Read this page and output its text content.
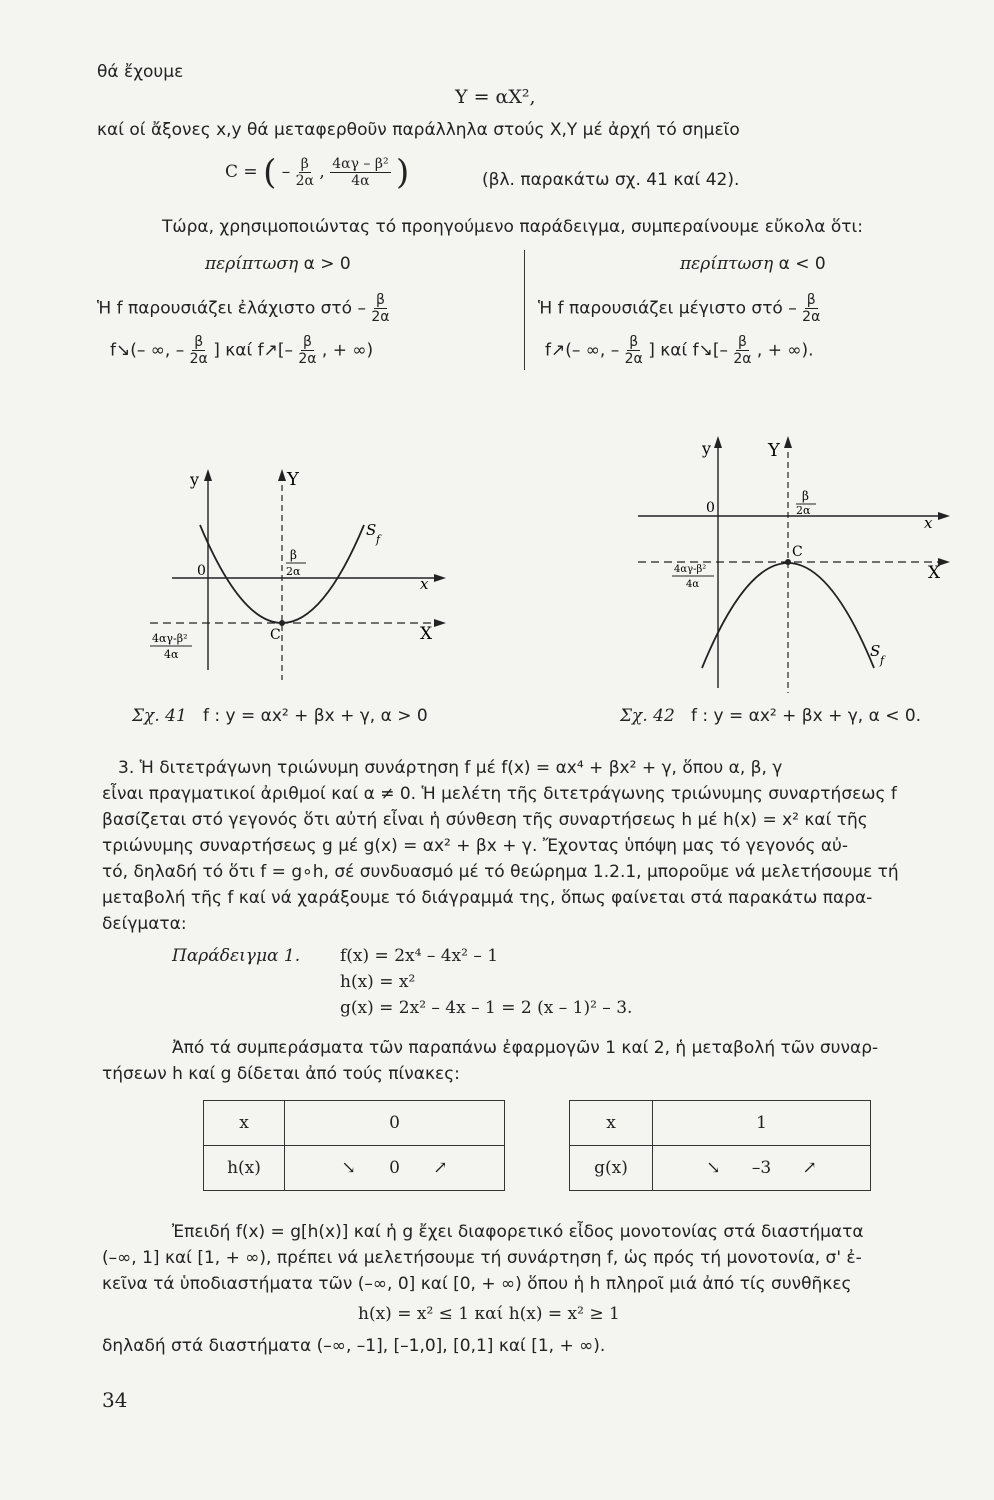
θά ἔχουμε
Y = αX²,
καί οί ἄξονες x,y θά μεταφερθοῦν παράλληλα στούς X,Y μέ ἀρχή τό σημεῖο
C = ( – $\frac{\beta}{2\alpha}$ , $\frac{\text{4αγ – β²}}{4\alpha}$ )	(βλ. παρακάτω σχ. 41 καί 42).
Τώρα, χρησιμοποιώντας τό προηγούμενο παράδειγμα, συμπεραίνουμε εὔκολα ὅτι:
περίπτωση α > 0
Ἡ f παρουσιάζει ἐλάχιστο στό – $\frac{\beta}{2\alpha}$
f↘(– ∞, – $\frac{\beta}{2\alpha}$ ] καί f↗[– $\frac{\beta}{2\alpha}$ , + ∞)
περίπτωση α < 0
Ἡ f παρουσιάζει μέγιστο στό – $\frac{\beta}{2\alpha}$
f↗(– ∞, – $\frac{\beta}{2\alpha}$ ] καί f↘[– $\frac{\beta}{2\alpha}$ , + ∞).
y	Y
0
x
X
β
2α
C
S
f
4αγ-β²
4α
y	Y
0
x
X
β
2α
C
S
f
4αγ-β²
4α
Σχ. 41 f : y = αx² + βx + γ, α > 0	Σχ. 42 f : y = αx² + βx + γ, α < 0.
3. Ἡ διτετράγωνη τριώνυμη συνάρτηση f μέ f(x) = αx⁴ + βx² + γ, ὅπου α, β, γ
εἶναι πραγματικοί ἀριθμοί καί α ≠ 0. Ἡ μελέτη τῆς διτετράγωνης τριώνυμης συναρτήσεως f
βασίζεται στό γεγονός ὅτι αὐτή εἶναι ἡ σύνθεση τῆς συναρτήσεως h μέ h(x) = x² καί τῆς
τριώνυμης συναρτήσεως g μέ g(x) = αx² + βx + γ. Ἔχοντας ὑπόψη μας τό γεγονός αὐ-
τό, δηλαδή τό ὅτι f = g∘h, σέ συνδυασμό μέ τό θεώρημα 1.2.1, μποροῦμε νά μελετήσουμε τή
μεταβολή τῆς f καί νά χαράξουμε τό διάγραμμά της, ὅπως φαίνεται στά παρακάτω παρα-
δείγματα:
Παράδειγμα 1. f(x) = 2x⁴ – 4x² – 1
h(x) = x²
g(x) = 2x² – 4x – 1 = 2 (x – 1)² – 3.
Ἀπό τά συμπεράσματα τῶν παραπάνω ἐφαρμογῶν 1 καί 2, ἡ μεταβολή τῶν συναρ-
τήσεων h καί g δίδεται ἀπό τούς πίνακες:
x	0
h(x)	↘ 0 ↗
x	1
g(x)	↘ –3 ↗
Ἐπειδή f(x) = g[h(x)] καί ἡ g ἔχει διαφορετικό εἶδος μονοτονίας στά διαστήματα
(–∞, 1] καί [1, + ∞), πρέπει νά μελετήσουμε τή συνάρτηση f, ὡς πρός τή μονοτονία, σ' ἐ-
κεῖνα τά ὑποδιαστήματα τῶν (–∞, 0] καί [0, + ∞) ὅπου ἡ h πληροῖ μιά ἀπό τίς συνθῆκες
h(x) = x² ≤ 1 καί h(x) = x² ≥ 1
δηλαδή στά διαστήματα (–∞, –1], [–1,0], [0,1] καί [1, + ∞).
34
